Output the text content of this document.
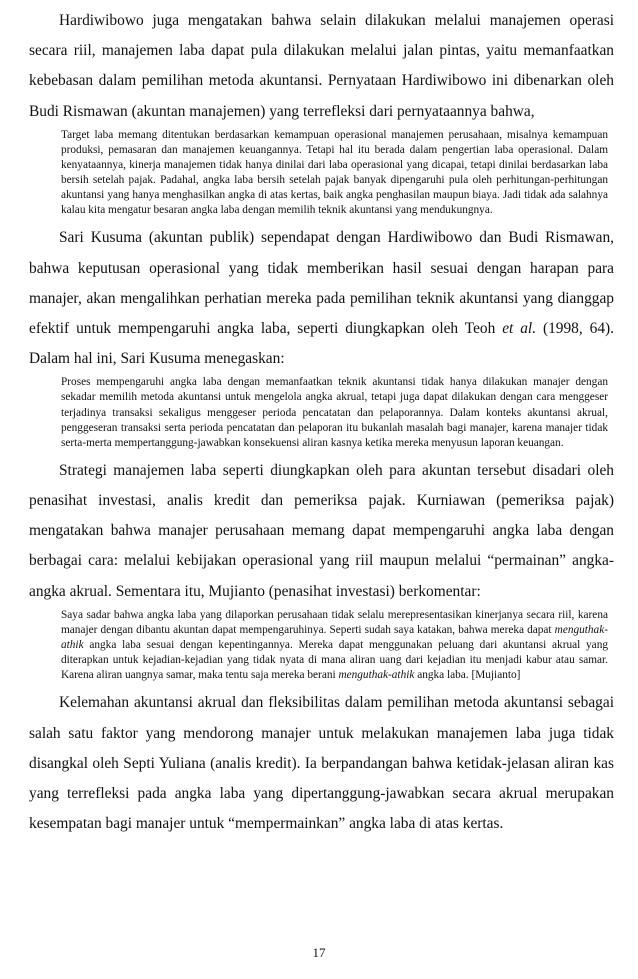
Hardiwibowo juga mengatakan bahwa selain dilakukan melalui manajemen operasi secara riil, manajemen laba dapat pula dilakukan melalui jalan pintas, yaitu memanfaatkan kebebasan dalam pemilihan metoda akuntansi. Pernyataan Hardiwibowo ini dibenarkan oleh Budi Rismawan (akuntan manajemen) yang terrefleksi dari pernyataannya bahwa,

Target laba memang ditentukan berdasarkan kemampuan operasional manajemen perusahaan, misalnya kemampuan produksi, pemasaran dan manajemen keuangannya. Tetapi hal itu berada dalam pengertian laba operasional. Dalam kenyataannya, kinerja manajemen tidak hanya dinilai dari laba operasional yang dicapai, tetapi dinilai berdasarkan laba bersih setelah pajak. Padahal, angka laba bersih setelah pajak banyak dipengaruhi pula oleh perhitungan-perhitungan akuntansi yang hanya menghasilkan angka di atas kertas, baik angka penghasilan maupun biaya. Jadi tidak ada salahnya kalau kita mengatur besaran angka laba dengan memilih teknik akuntansi yang mendukungnya.

Sari Kusuma (akuntan publik) sependapat dengan Hardiwibowo dan Budi Rismawan, bahwa keputusan operasional yang tidak memberikan hasil sesuai dengan harapan para manajer, akan mengalihkan perhatian mereka pada pemilihan teknik akuntansi yang dianggap efektif untuk mempengaruhi angka laba, seperti diungkapkan oleh Teoh et al. (1998, 64). Dalam hal ini, Sari Kusuma menegaskan:

Proses mempengaruhi angka laba dengan memanfaatkan teknik akuntansi tidak hanya dilakukan manajer dengan sekadar memilih metoda akuntansi untuk mengelola angka akrual, tetapi juga dapat dilakukan dengan cara menggeser terjadinya transaksi sekaligus menggeser perioda pencatatan dan pelaporannya. Dalam konteks akuntansi akrual, penggeseran transaksi serta perioda pencatatan dan pelaporan itu bukanlah masalah bagi manajer, karena manajer tidak serta-merta mempertanggung-jawabkan konsekuensi aliran kasnya ketika mereka menyusun laporan keuangan.

Strategi manajemen laba seperti diungkapkan oleh para akuntan tersebut disadari oleh penasihat investasi, analis kredit dan pemeriksa pajak. Kurniawan (pemeriksa pajak) mengatakan bahwa manajer perusahaan memang dapat mempengaruhi angka laba dengan berbagai cara: melalui kebijakan operasional yang riil maupun melalui “permainan” angka-angka akrual. Sementara itu, Mujianto (penasihat investasi) berkomentar:

Saya sadar bahwa angka laba yang dilaporkan perusahaan tidak selalu merepresentasikan kinerjanya secara riil, karena manajer dengan dibantu akuntan dapat mempengaruhinya. Seperti sudah saya katakan, bahwa mereka dapat menguthak-athik angka laba sesuai dengan kepentingannya. Mereka dapat menggunakan peluang dari akuntansi akrual yang diterapkan untuk kejadian-kejadian yang tidak nyata di mana aliran uang dari kejadian itu menjadi kabur atau samar. Karena aliran uangnya samar, maka tentu saja mereka berani menguthak-athik angka laba. [Mujianto]

Kelemahan akuntansi akrual dan fleksibilitas dalam pemilihan metoda akuntansi sebagai salah satu faktor yang mendorong manajer untuk melakukan manajemen laba juga tidak disangkal oleh Septi Yuliana (analis kredit). Ia berpandangan bahwa ketidak-jelasan aliran kas yang terrefleksi pada angka laba yang dipertanggung-jawabkan secara akrual merupakan kesempatan bagi manajer untuk “mempermainkan” angka laba di atas kertas.

17
